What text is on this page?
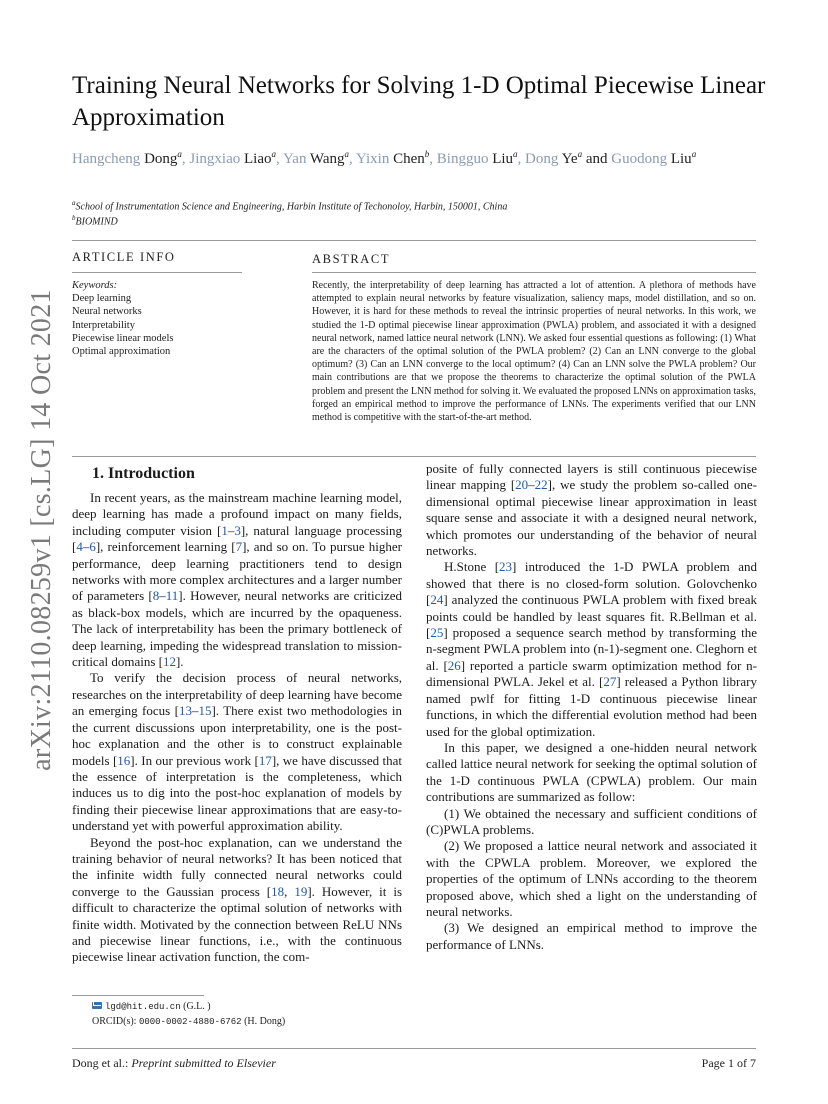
arXiv:2110.08259v1 [cs.LG] 14 Oct 2021
Training Neural Networks for Solving 1-D Optimal Piecewise Linear Approximation
Hangcheng Dong$^a$, Jingxiao Liao$^a$, Yan Wang$^a$, Yixin Chen$^b$, Bingguo Liu$^a$, Dong Ye$^a$ and Guodong Liu$^a$
$^a$School of Instrumentation Science and Engineering, Harbin Institute of Techonoloy, Harbin, 150001, China
$^b$BIOMIND
ARTICLE INFO
Keywords:
Deep learning
Neural networks
Interpretability
Piecewise linear models
Optimal approximation
ABSTRACT
Recently, the interpretability of deep learning has attracted a lot of attention. A plethora of methods have attempted to explain neural networks by feature visualization, saliency maps, model distillation, and so on. However, it is hard for these methods to reveal the intrinsic properties of neural networks. In this work, we studied the 1-D optimal piecewise linear approximation (PWLA) problem, and associated it with a designed neural network, named lattice neural network (LNN). We asked four essential questions as following: (1) What are the characters of the optimal solution of the PWLA problem? (2) Can an LNN converge to the global optimum? (3) Can an LNN converge to the local optimum? (4) Can an LNN solve the PWLA problem? Our main contributions are that we propose the theorems to characterize the optimal solution of the PWLA problem and present the LNN method for solving it. We evaluated the proposed LNNs on approximation tasks, forged an empirical method to improve the performance of LNNs. The experiments verified that our LNN method is competitive with the start-of-the-art method.
1. Introduction

In recent years, as the mainstream machine learning model, deep learning has made a profound impact on many fields, including computer vision [1–3], natural language processing [4–6], reinforcement learning [7], and so on. To pursue higher performance, deep learning practitioners tend to design networks with more complex architectures and a larger number of parameters [8–11]. However, neural networks are criticized as black-box models, which are incurred by the opaqueness. The lack of interpretability has been the primary bottleneck of deep learning, impeding the widespread translation to mission-critical domains [12].

To verify the decision process of neural networks, researches on the interpretability of deep learning have become an emerging focus [13–15]. There exist two methodologies in the current discussions upon interpretability, one is the post-hoc explanation and the other is to construct explainable models [16]. In our previous work [17], we have discussed that the essence of interpretation is the completeness, which induces us to dig into the post-hoc explanation of models by finding their piecewise linear approximations that are easy-to-understand yet with powerful approximation ability.

Beyond the post-hoc explanation, can we understand the training behavior of neural networks? It has been noticed that the infinite width fully connected neural networks could converge to the Gaussian process [18, 19]. However, it is difficult to characterize the optimal solution of networks with finite width. Motivated by the connection between ReLU NNs and piecewise linear functions, i.e., with the continuous piecewise linear activation function, the com-

posite of fully connected layers is still continuous piecewise linear mapping [20–22], we study the problem so-called one-dimensional optimal piecewise linear approximation in least square sense and associate it with a designed neural network, which promotes our understanding of the behavior of neural networks.

H.Stone [23] introduced the 1-D PWLA problem and showed that there is no closed-form solution. Golovchenko [24] analyzed the continuous PWLA problem with fixed break points could be handled by least squares fit. R.Bellman et al. [25] proposed a sequence search method by transforming the n-segment PWLA problem into (n-1)-segment one. Cleghorn et al. [26] reported a particle swarm optimization method for n-dimensional PWLA. Jekel et al. [27] released a Python library named pwlf for fitting 1-D continuous piecewise linear functions, in which the differential evolution method had been used for the global optimization.

In this paper, we designed a one-hidden neural network called lattice neural network for seeking the optimal solution of the 1-D continuous PWLA (CPWLA) problem. Our main contributions are summarized as follow:

(1) We obtained the necessary and sufficient conditions of (C)PWLA problems.

(2) We proposed a lattice neural network and associated it with the CPWLA problem. Moreover, we explored the properties of the optimum of LNNs according to the theorem proposed above, which shed a light on the understanding of neural networks.

(3) We designed an empirical method to improve the performance of LNNs.

lgd@hit.edu.cn (G.L. )
ORCID(s): 0000-0002-4880-6762 (H. Dong)
Dong et al.: Preprint submitted to Elsevier	Page 1 of 7
